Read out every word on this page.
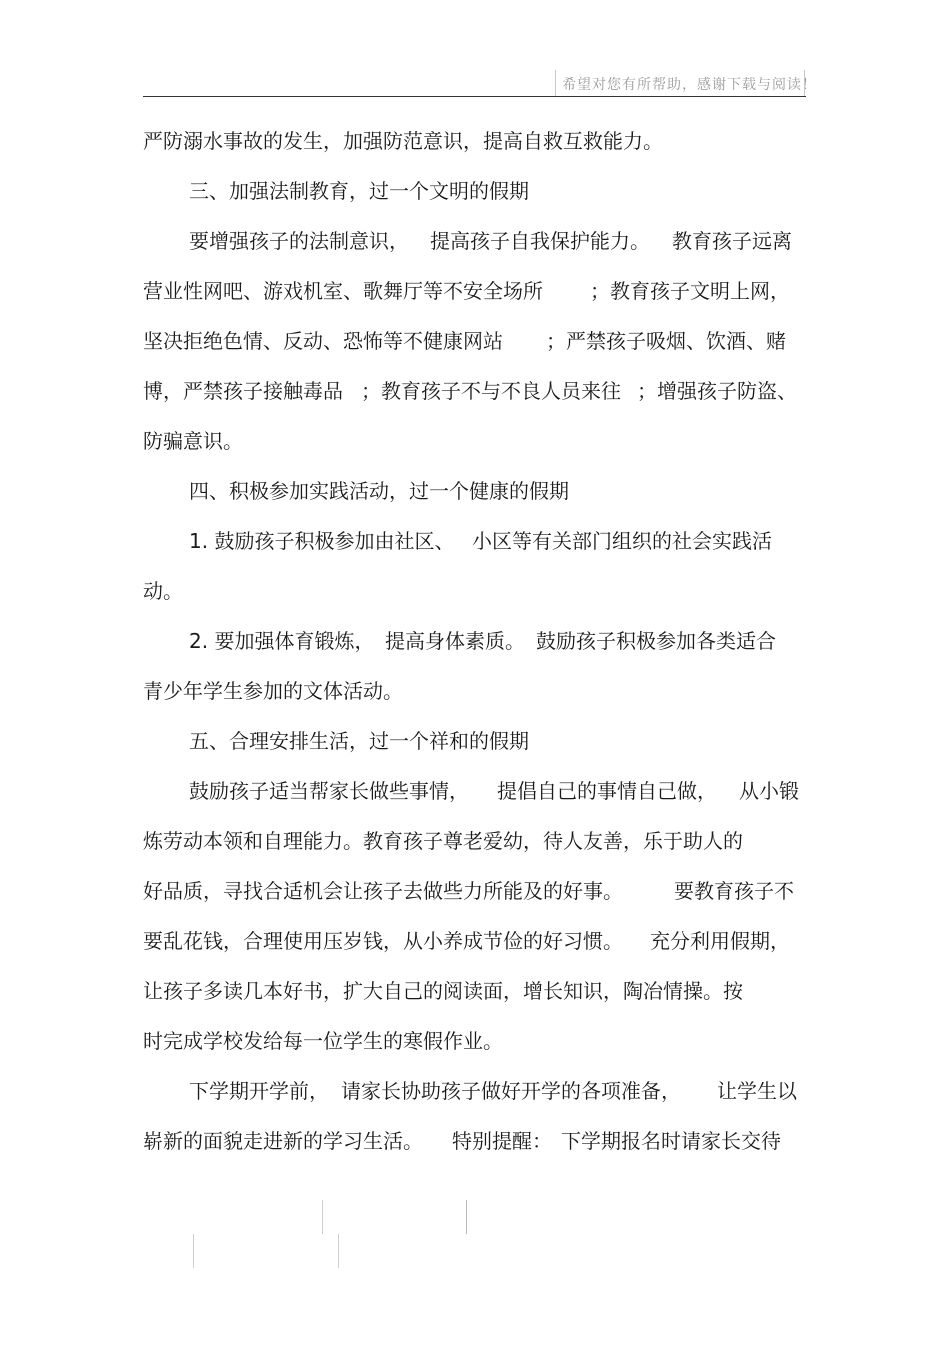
希望对您有所帮助，感谢下载与阅读！
严防溺水事故的发生，加强防范意识，提高自救互救能力。
三、加强法制教育，过一个文明的假期
要增强孩子的法制意识， 提高孩子自我保护能力。 教育孩子远离
营业性网吧、游戏机室、歌舞厅等不安全场所 ；教育孩子文明上网，
坚决拒绝色情、反动、恐怖等不健康网站 ；严禁孩子吸烟、饮酒、赌
博，严禁孩子接触毒品 ；教育孩子不与不良人员来往 ；增强孩子防盗、
防骗意识。
四、积极参加实践活动，过一个健康的假期
1. 鼓励孩子积极参加由社区、 小区等有关部门组织的社会实践活
动。
2. 要加强体育锻炼， 提高身体素质。 鼓励孩子积极参加各类适合
青少年学生参加的文体活动。
五、合理安排生活，过一个祥和的假期
鼓励孩子适当帮家长做些事情， 提倡自己的事情自己做， 从小锻
炼劳动本领和自理能力。教育孩子尊老爱幼，待人友善，乐于助人的
好品质，寻找合适机会让孩子去做些力所能及的好事。	要教育孩子不
要乱花钱，合理使用压岁钱，从小养成节俭的好习惯。 充分利用假期，
让孩子多读几本好书，扩大自己的阅读面，增长知识，陶冶情操。按
时完成学校发给每一位学生的寒假作业。
下学期开学前， 请家长协助孩子做好开学的各项准备， 让学生以
崭新的面貌走进新的学习生活。 特别提醒： 下学期报名时请家长交待
